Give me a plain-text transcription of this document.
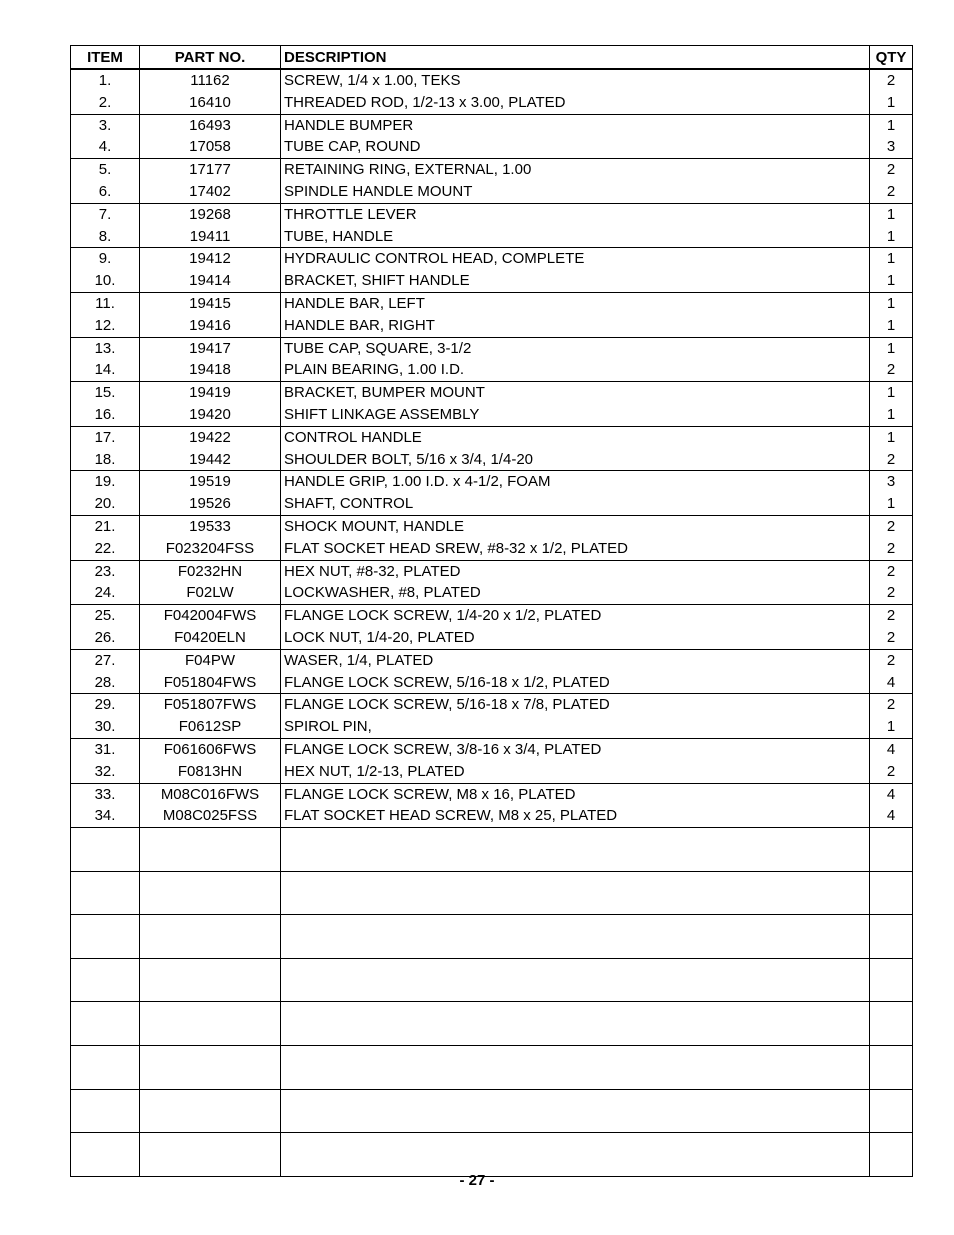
ITEM	PART NO.	DESCRIPTION	QTY
1.	11162	SCREW, 1/4 x 1.00, TEKS	2
2.	16410	THREADED ROD, 1/2-13 x 3.00, PLATED	1
3.	16493	HANDLE BUMPER	1
4.	17058	TUBE CAP, ROUND	3
5.	17177	RETAINING RING, EXTERNAL, 1.00	2
6.	17402	SPINDLE HANDLE MOUNT	2
7.	19268	THROTTLE LEVER	1
8.	19411	TUBE, HANDLE	1
9.	19412	HYDRAULIC CONTROL HEAD, COMPLETE	1
10.	19414	BRACKET, SHIFT HANDLE	1
11.	19415	HANDLE BAR, LEFT	1
12.	19416	HANDLE BAR, RIGHT	1
13.	19417	TUBE CAP, SQUARE, 3-1/2	1
14.	19418	PLAIN BEARING, 1.00 I.D.	2
15.	19419	BRACKET, BUMPER MOUNT	1
16.	19420	SHIFT LINKAGE ASSEMBLY	1
17.	19422	CONTROL HANDLE	1
18.	19442	SHOULDER BOLT, 5/16 x 3/4, 1/4-20	2
19.	19519	HANDLE GRIP, 1.00 I.D. x 4-1/2, FOAM	3
20.	19526	SHAFT, CONTROL	1
21.	19533	SHOCK MOUNT, HANDLE	2
22.	F023204FSS	FLAT SOCKET HEAD SREW, #8-32 x 1/2, PLATED	2
23.	F0232HN	HEX NUT, #8-32, PLATED	2
24.	F02LW	LOCKWASHER, #8, PLATED	2
25.	F042004FWS	FLANGE LOCK SCREW, 1/4-20 x 1/2, PLATED	2
26.	F0420ELN	LOCK NUT, 1/4-20, PLATED	2
27.	F04PW	WASER, 1/4, PLATED	2
28.	F051804FWS	FLANGE LOCK SCREW, 5/16-18 x 1/2, PLATED	4
29.	F051807FWS	FLANGE LOCK SCREW, 5/16-18 x 7/8, PLATED	2
30.	F0612SP	SPIROL PIN,	1
31.	F061606FWS	FLANGE LOCK SCREW, 3/8-16 x 3/4, PLATED	4
32.	F0813HN	HEX NUT, 1/2-13, PLATED	2
33.	M08C016FWS	FLANGE LOCK SCREW, M8 x 16, PLATED	4
34.	M08C025FSS	FLAT SOCKET HEAD SCREW, M8 x 25, PLATED	4

- 27 -
